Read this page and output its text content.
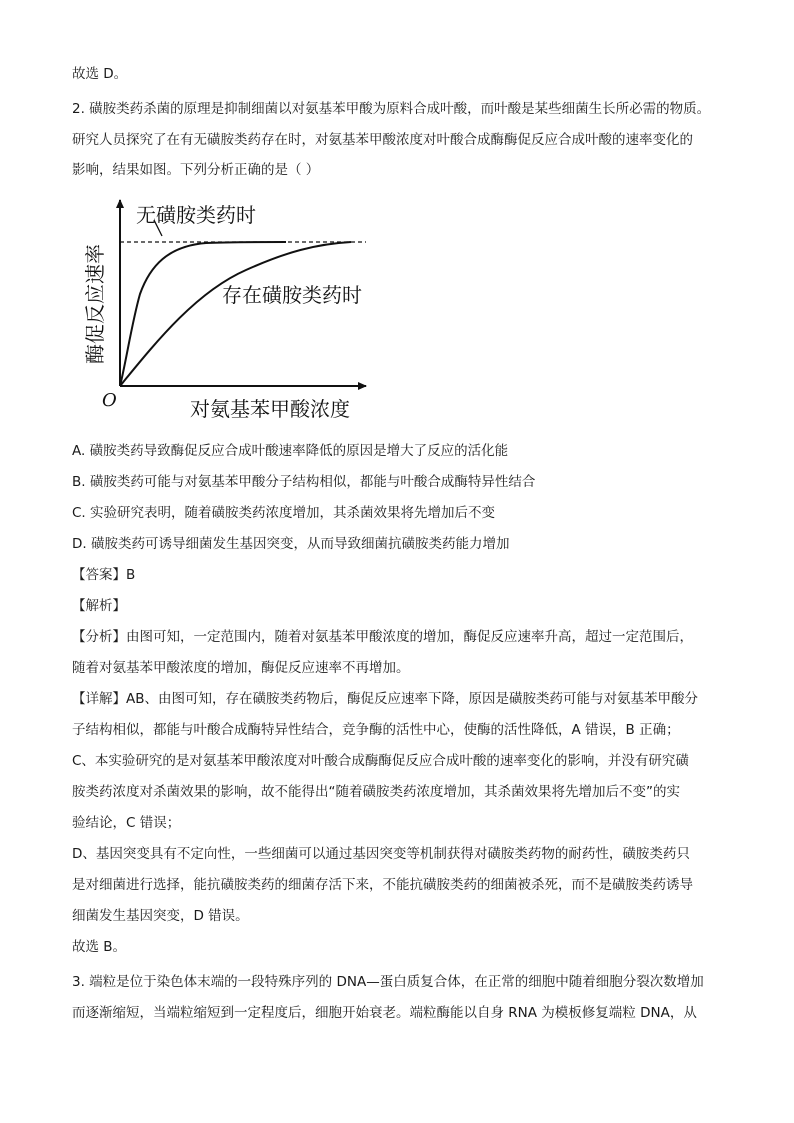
故选 D。
2. 磺胺类药杀菌的原理是抑制细菌以对氨基苯甲酸为原料合成叶酸，而叶酸是某些细菌生长所必需的物质。
研究人员探究了在有无磺胺类药存在时，对氨基苯甲酸浓度对叶酸合成酶酶促反应合成叶酸的速率变化的
影响，结果如图。下列分析正确的是（ ）
无磺胺类药时
存在磺胺类药时
对氨基苯甲酸浓度
O
酶促反应速率
A. 磺胺类药导致酶促反应合成叶酸速率降低的原因是增大了反应的活化能
B. 磺胺类药可能与对氨基苯甲酸分子结构相似，都能与叶酸合成酶特异性结合
C. 实验研究表明，随着磺胺类药浓度增加，其杀菌效果将先增加后不变
D. 磺胺类药可诱导细菌发生基因突变，从而导致细菌抗磺胺类药能力增加
【答案】B
【解析】
【分析】由图可知，一定范围内，随着对氨基苯甲酸浓度的增加，酶促反应速率升高，超过一定范围后，
随着对氨基苯甲酸浓度的增加，酶促反应速率不再增加。
【详解】AB、由图可知，存在磺胺类药物后，酶促反应速率下降，原因是磺胺类药可能与对氨基苯甲酸分
子结构相似，都能与叶酸合成酶特异性结合，竞争酶的活性中心，使酶的活性降低，A 错误，B 正确；
C、本实验研究的是对氨基苯甲酸浓度对叶酸合成酶酶促反应合成叶酸的速率变化的影响，并没有研究磺
胺类药浓度对杀菌效果的影响，故不能得出“随着磺胺类药浓度增加，其杀菌效果将先增加后不变”的实
验结论，C 错误；
D、基因突变具有不定向性，一些细菌可以通过基因突变等机制获得对磺胺类药物的耐药性，磺胺类药只
是对细菌进行选择，能抗磺胺类药的细菌存活下来，不能抗磺胺类药的细菌被杀死，而不是磺胺类药诱导
细菌发生基因突变，D 错误。
故选 B。
3. 端粒是位于染色体末端的一段特殊序列的 DNA—蛋白质复合体，在正常的细胞中随着细胞分裂次数增加
而逐渐缩短，当端粒缩短到一定程度后，细胞开始衰老。端粒酶能以自身 RNA 为模板修复端粒 DNA，从
